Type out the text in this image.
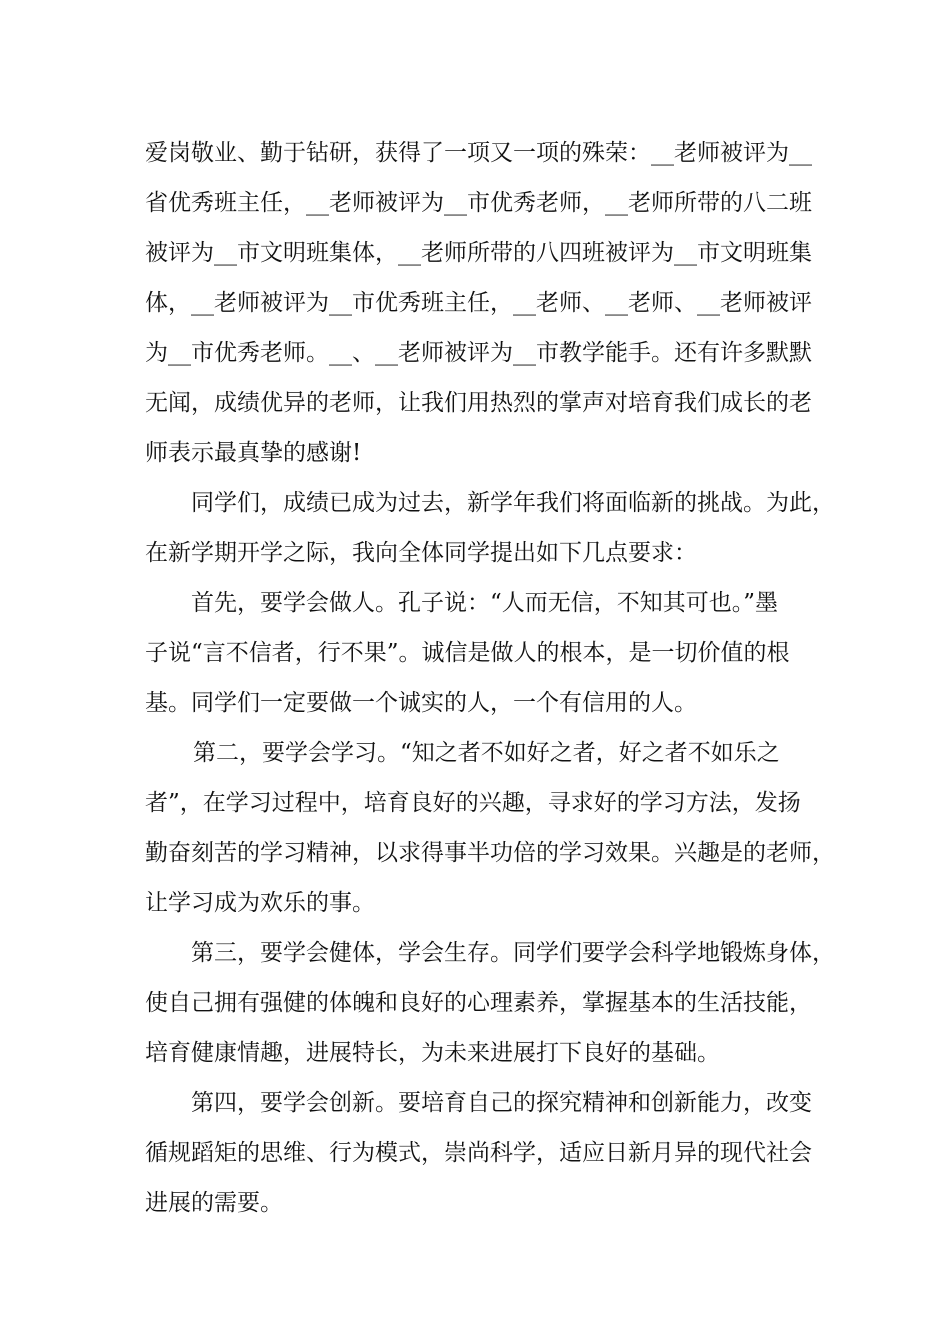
爱岗敬业、勤于钻研，获得了一项又一项的殊荣：__老师被评为__
省优秀班主任，__老师被评为__市优秀老师，__老师所带的八二班
被评为__市文明班集体，__老师所带的八四班被评为__市文明班集
体，__老师被评为__市优秀班主任，__老师、__老师、__老师被评
为__市优秀老师。__、__老师被评为__市教学能手。还有许多默默
无闻，成绩优异的老师，让我们用热烈的掌声对培育我们成长的老
师表示最真挚的感谢!
同学们，成绩已成为过去，新学年我们将面临新的挑战。为此，
在新学期开学之际，我向全体同学提出如下几点要求：
首先，要学会做人。孔子说：“人而无信，不知其可也。”墨
子说“言不信者，行不果”。诚信是做人的根本，是一切价值的根
基。同学们一定要做一个诚实的人，一个有信用的人。
第二，要学会学习。“知之者不如好之者，好之者不如乐之
者”，在学习过程中，培育良好的兴趣，寻求好的学习方法，发扬
勤奋刻苦的学习精神，以求得事半功倍的学习效果。兴趣是的老师，
让学习成为欢乐的事。
第三，要学会健体，学会生存。同学们要学会科学地锻炼身体，
使自己拥有强健的体魄和良好的心理素养，掌握基本的生活技能，
培育健康情趣，进展特长，为未来进展打下良好的基础。
第四，要学会创新。要培育自己的探究精神和创新能力，改变
循规蹈矩的思维、行为模式，崇尚科学，适应日新月异的现代社会
进展的需要。
